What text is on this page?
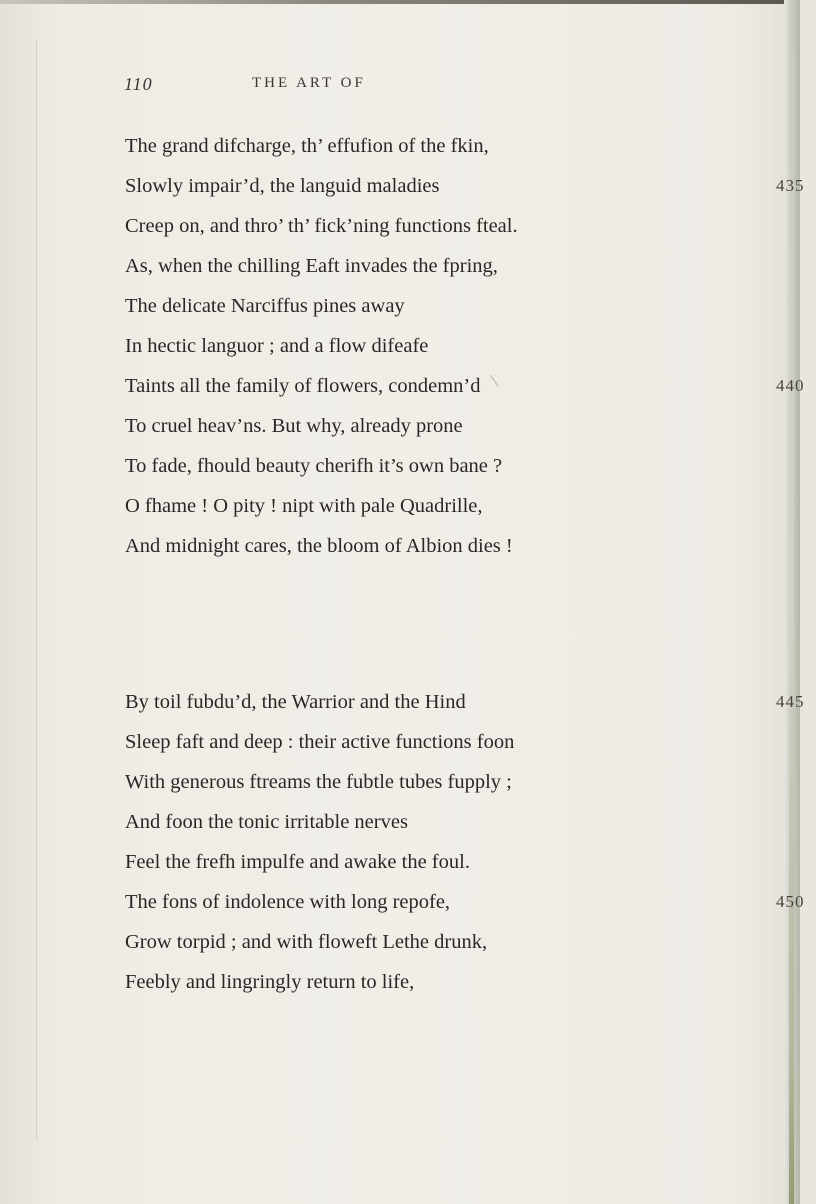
110	THE ART OF
The grand difcharge, th’ effufion of the fkin,
Slowly impair’d, the languid maladies	435
Creep on, and thro’ th’ fick’ning functions fteal.
As, when the chilling Eaft invades the fpring,
The delicate Narciffus pines away
In hectic languor ; and a flow difeafe
Taints all the family of flowers, condemn’d	440
To cruel heav’ns. But why, already prone
To fade, fhould beauty cherifh it’s own bane ?
O fhame ! O pity ! nipt with pale Quadrille,
And midnight cares, the bloom of Albion dies !
By toil fubdu’d, the Warrior and the Hind	445
Sleep faft and deep : their active functions foon
With generous ftreams the fubtle tubes fupply ;
And foon the tonic irritable nerves
Feel the frefh impulfe and awake the foul.
The fons of indolence with long repofe,	450
Grow torpid ; and with floweft Lethe drunk,
Feebly and lingringly return to life,
